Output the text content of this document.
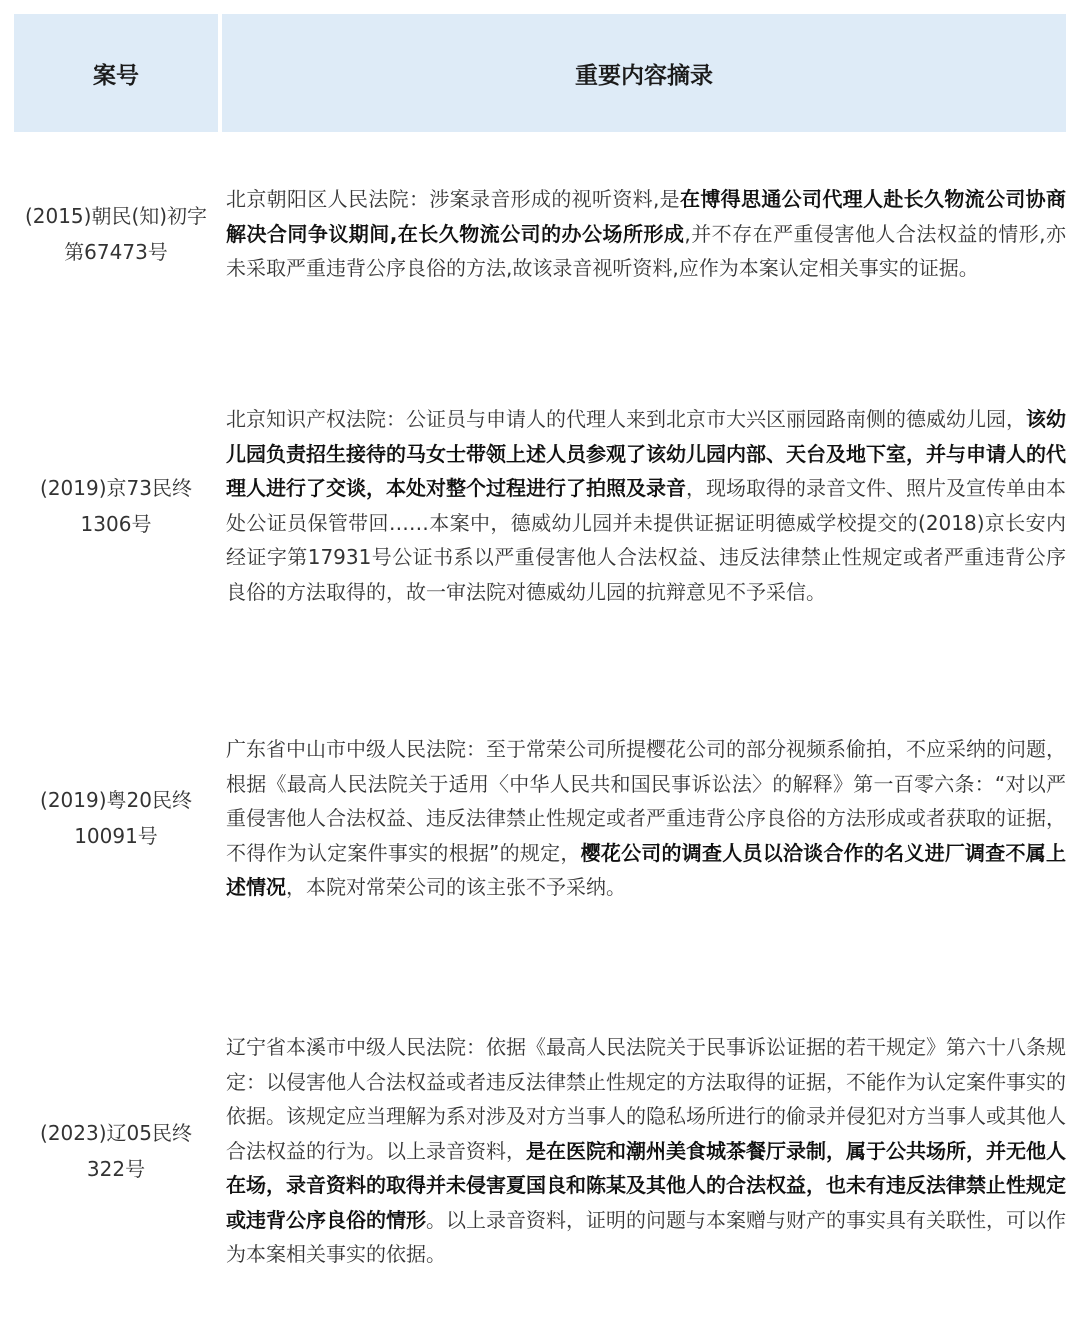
案号	重要内容摘录
(2015)朝民(知)初字
第67473号
北京朝阳区人民法院：涉案录音形成的视听资料,是在博得思通公司代理人赴长久物流公司协商解决合同争议期间,在长久物流公司的办公场所形成,并不存在严重侵害他人合法权益的情形,亦未采取严重违背公序良俗的方法,故该录音视听资料,应作为本案认定相关事实的证据。
(2019)京73民终
1306号
北京知识产权法院：公证员与申请人的代理人来到北京市大兴区丽园路南侧的德威幼儿园，该幼儿园负责招生接待的马女士带领上述人员参观了该幼儿园内部、天台及地下室，并与申请人的代理人进行了交谈，本处对整个过程进行了拍照及录音，现场取得的录音文件、照片及宣传单由本处公证员保管带回……本案中，德威幼儿园并未提供证据证明德威学校提交的(2018)京长安内经证字第17931号公证书系以严重侵害他人合法权益、违反法律禁止性规定或者严重违背公序良俗的方法取得的，故一审法院对德威幼儿园的抗辩意见不予采信。
(2019)粤20民终
10091号
广东省中山市中级人民法院：至于常荣公司所提樱花公司的部分视频系偷拍，不应采纳的问题，根据《最高人民法院关于适用〈中华人民共和国民事诉讼法〉的解释》第一百零六条：“对以严重侵害他人合法权益、违反法律禁止性规定或者严重违背公序良俗的方法形成或者获取的证据，不得作为认定案件事实的根据”的规定，樱花公司的调查人员以洽谈合作的名义进厂调查不属上述情况，本院对常荣公司的该主张不予采纳。
(2023)辽05民终
322号
辽宁省本溪市中级人民法院：依据《最高人民法院关于民事诉讼证据的若干规定》第六十八条规定：以侵害他人合法权益或者违反法律禁止性规定的方法取得的证据，不能作为认定案件事实的依据。该规定应当理解为系对涉及对方当事人的隐私场所进行的偷录并侵犯对方当事人或其他人合法权益的行为。以上录音资料，是在医院和潮州美食城茶餐厅录制，属于公共场所，并无他人在场，录音资料的取得并未侵害夏国良和陈某及其他人的合法权益，也未有违反法律禁止性规定或违背公序良俗的情形。以上录音资料，证明的问题与本案赠与财产的事实具有关联性，可以作为本案相关事实的依据。
